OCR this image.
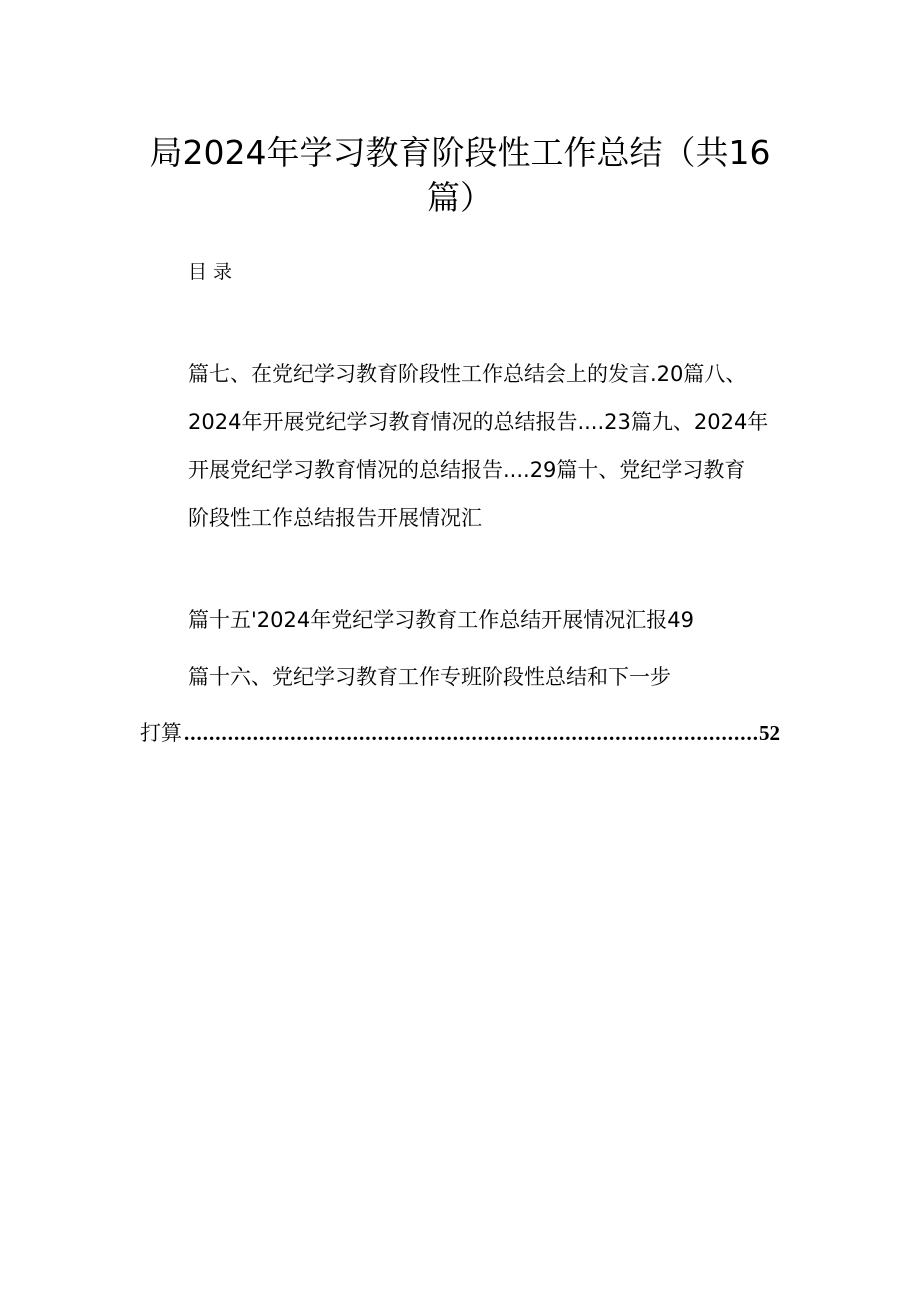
局2024年学习教育阶段性工作总结（共16
篇）
目录
篇七、在党纪学习教育阶段性工作总结会上的发言.20篇八、
2024年开展党纪学习教育情况的总结报告....23篇九、2024年
开展党纪学习教育情况的总结报告....29篇十、党纪学习教育
阶段性工作总结报告开展情况汇
篇十五'2024年党纪学习教育工作总结开展情况汇报49
篇十六、党纪学习教育工作专班阶段性总结和下一步
打算
.....	52
